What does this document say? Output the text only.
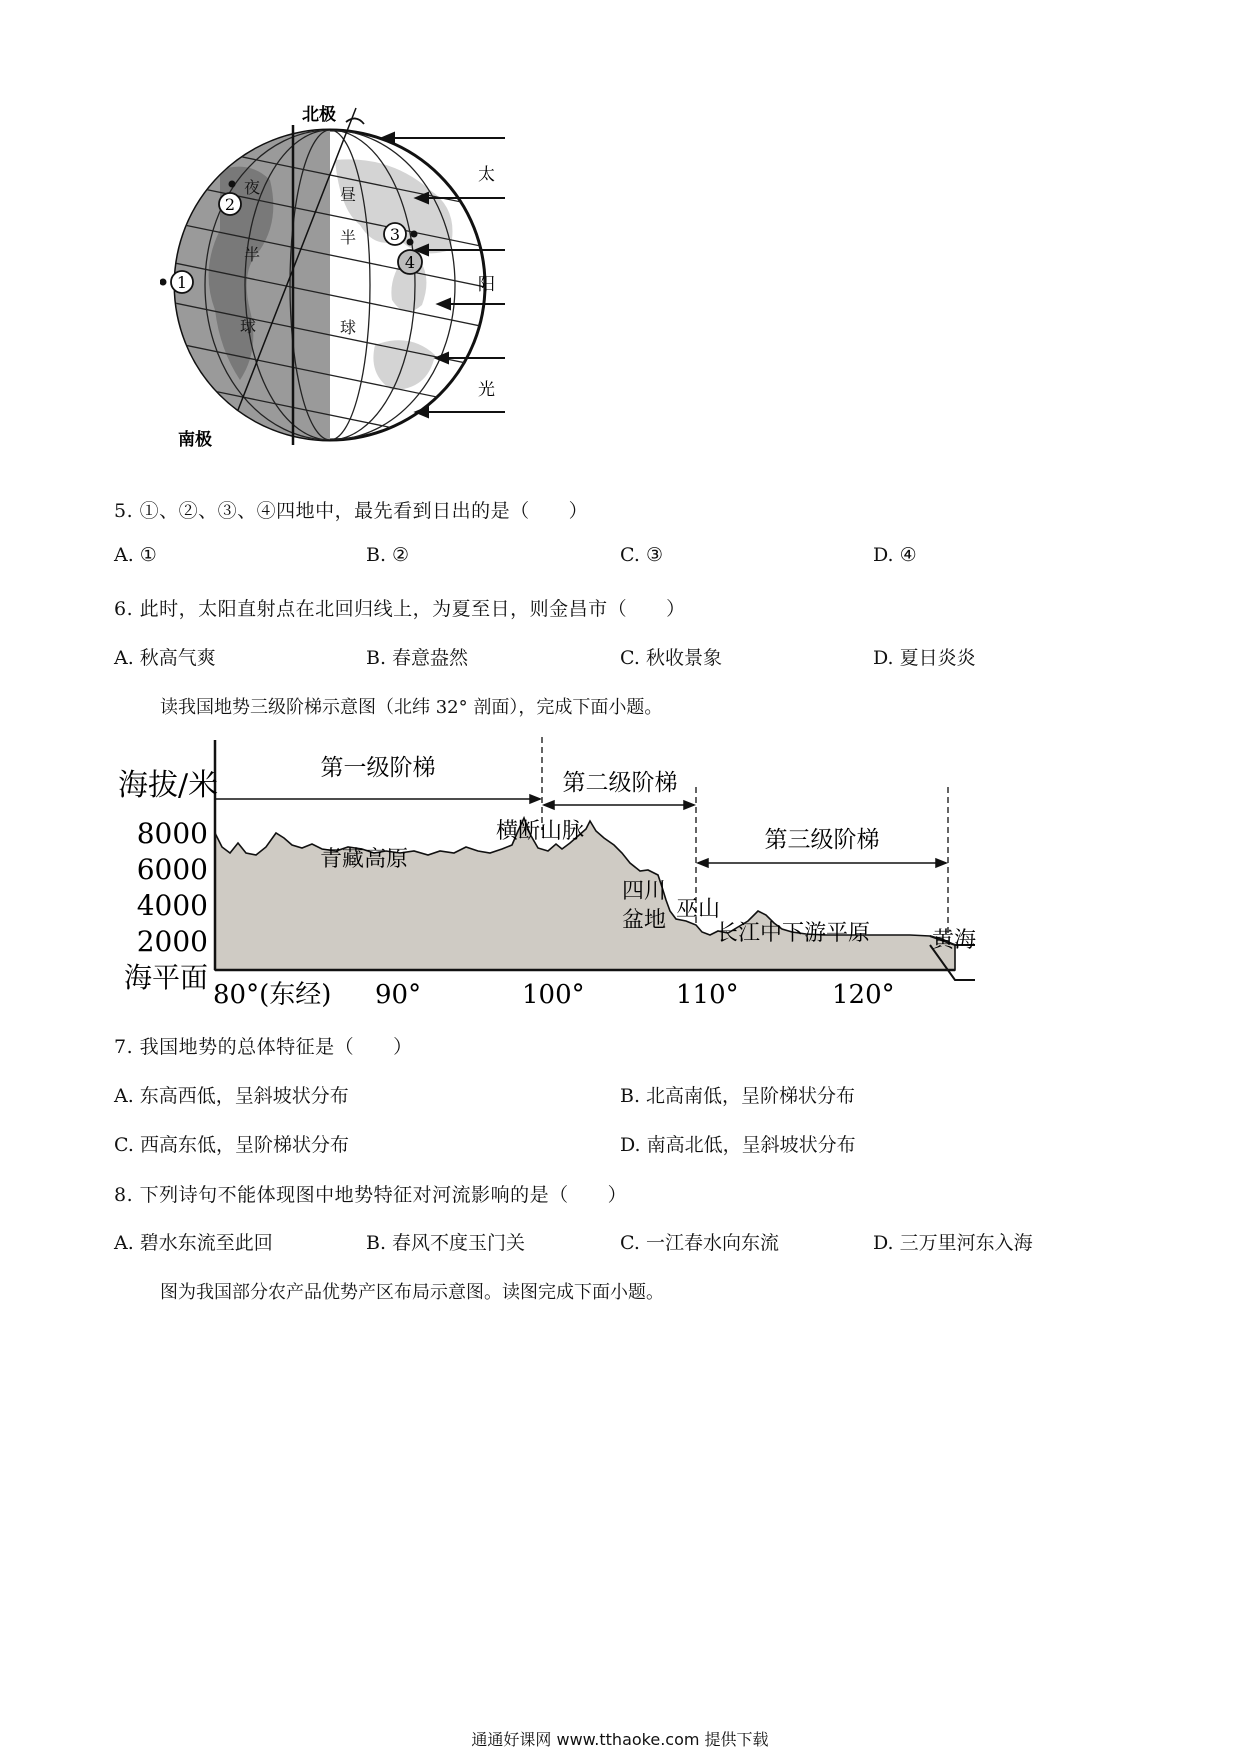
北极
南极
夜
半
球
昼
半
球
1
2
3
4
太
阳
光
5. ①、②、③、④四地中，最先看到日出的是（　　）
A. ①	B. ②	C. ③	D. ④
6. 此时，太阳直射点在北回归线上，为夏至日，则金昌市（　　）
A. 秋高气爽	B. 春意盎然	C. 秋收景象	D. 夏日炎炎
读我国地势三级阶梯示意图（北纬 32° 剖面），完成下面小题。
海拔/米
8000
6000
4000
2000
海平面
80°(东经) 90°	100°	110°	120°
第一级阶梯
第二级阶梯
第三级阶梯
青藏高原
横断山脉
四川
盆地 巫山
长江中下游平原	黄海
7. 我国地势的总体特征是（　　）
A. 东高西低，呈斜坡状分布	B. 北高南低，呈阶梯状分布
C. 西高东低，呈阶梯状分布	D. 南高北低，呈斜坡状分布
8. 下列诗句不能体现图中地势特征对河流影响的是（　　）
A. 碧水东流至此回	B. 春风不度玉门关	C. 一江春水向东流	D. 三万里河东入海
图为我国部分农产品优势产区布局示意图。读图完成下面小题。
通通好课网 www.tthaoke.com 提供下载
